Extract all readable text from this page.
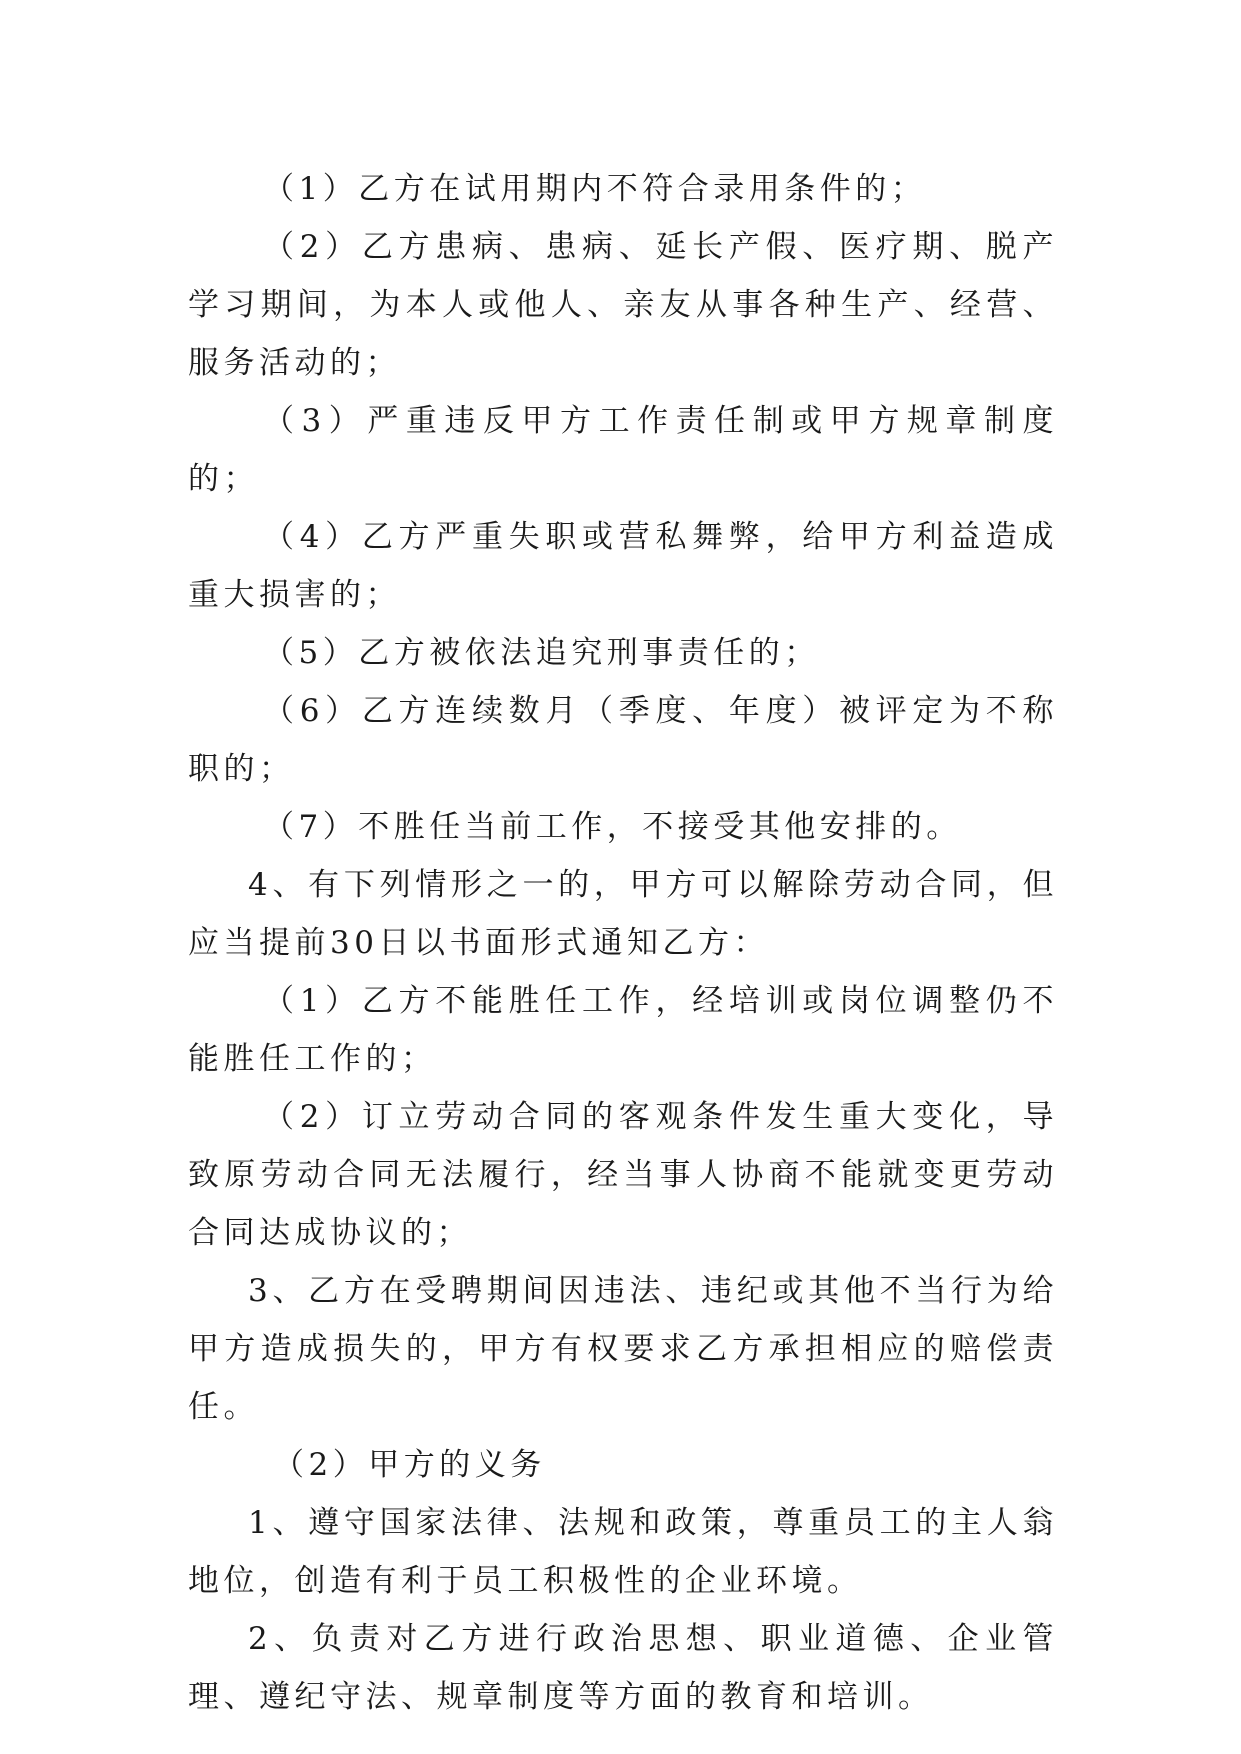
（1）乙方在试用期内不符合录用条件的；

（2）乙方患病、患病、延长产假、医疗期、脱产学习期间，为本人或他人、亲友从事各种生产、经营、服务活动的；

（3）严重违反甲方工作责任制或甲方规章制度的；

（4）乙方严重失职或营私舞弊，给甲方利益造成重大损害的；

（5）乙方被依法追究刑事责任的；

（6）乙方连续数月（季度、年度）被评定为不称职的；

（7）不胜任当前工作，不接受其他安排的。

4、有下列情形之一的，甲方可以解除劳动合同，但应当提前30日以书面形式通知乙方：

（1）乙方不能胜任工作，经培训或岗位调整仍不能胜任工作的；

（2）订立劳动合同的客观条件发生重大变化，导致原劳动合同无法履行，经当事人协商不能就变更劳动合同达成协议的；

3、乙方在受聘期间因违法、违纪或其他不当行为给甲方造成损失的，甲方有权要求乙方承担相应的赔偿责任。

（2）甲方的义务

1、遵守国家法律、法规和政策，尊重员工的主人翁地位，创造有利于员工积极性的企业环境。

2、负责对乙方进行政治思想、职业道德、企业管理、遵纪守法、规章制度等方面的教育和培训。
